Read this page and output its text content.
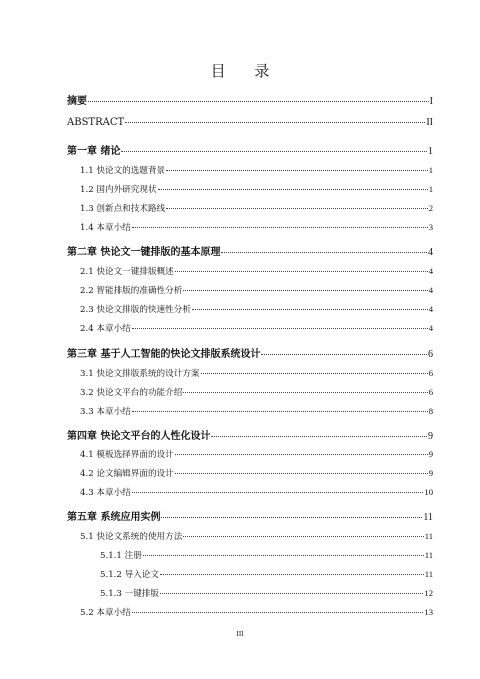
目 录
摘要	I
ABSTRACT	II
第一章 绪论	1
1.1 快论文的选题背景	1
1.2 国内外研究现状	1
1.3 创新点和技术路线	2
1.4 本章小结	3
第二章 快论文一键排版的基本原理	4
2.1 快论文一键排版概述	4
2.2 智能排版的准确性分析	4
2.3 快论文排版的快速性分析	4
2.4 本章小结	4
第三章 基于人工智能的快论文排版系统设计	6
3.1 快论文排版系统的设计方案	6
3.2 快论文平台的功能介绍	6
3.3 本章小结	8
第四章 快论文平台的人性化设计	9
4.1 模板选择界面的设计	9
4.2 论文编辑界面的设计	9
4.3 本章小结	10
第五章 系统应用实例	11
5.1 快论文系统的使用方法	11
5.1.1 注册	11
5.1.2 导入论文	11
5.1.3 一键排版	12
5.2 本章小结	13
III
